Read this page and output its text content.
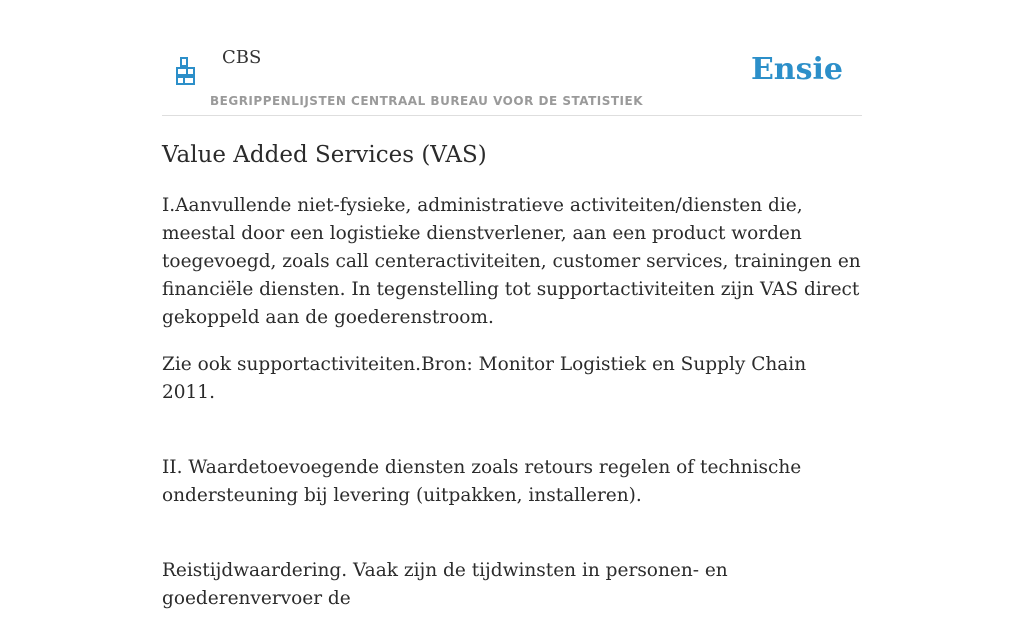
CBS
BEGRIPPENLIJSTEN CENTRAAL BUREAU VOOR DE STATISTIEK
Ensie
Value Added Services (VAS)

I.Aanvullende niet-fysieke, administratieve activiteiten/diensten die, meestal door een logistieke dienstverlener, aan een product worden toegevoegd, zoals call centeractiviteiten, customer services, trainingen en financiële diensten. In tegenstelling tot supportactiviteiten zijn VAS direct gekoppeld aan de goederenstroom.

Zie ook supportactiviteiten.Bron: Monitor Logistiek en Supply Chain 2011.

II. Waardetoevoegende diensten zoals retours regelen of technische ondersteuning bij levering (uitpakken, installeren).

Reistijdwaardering. Vaak zijn de tijdwinsten in personen- en goederenvervoer de
